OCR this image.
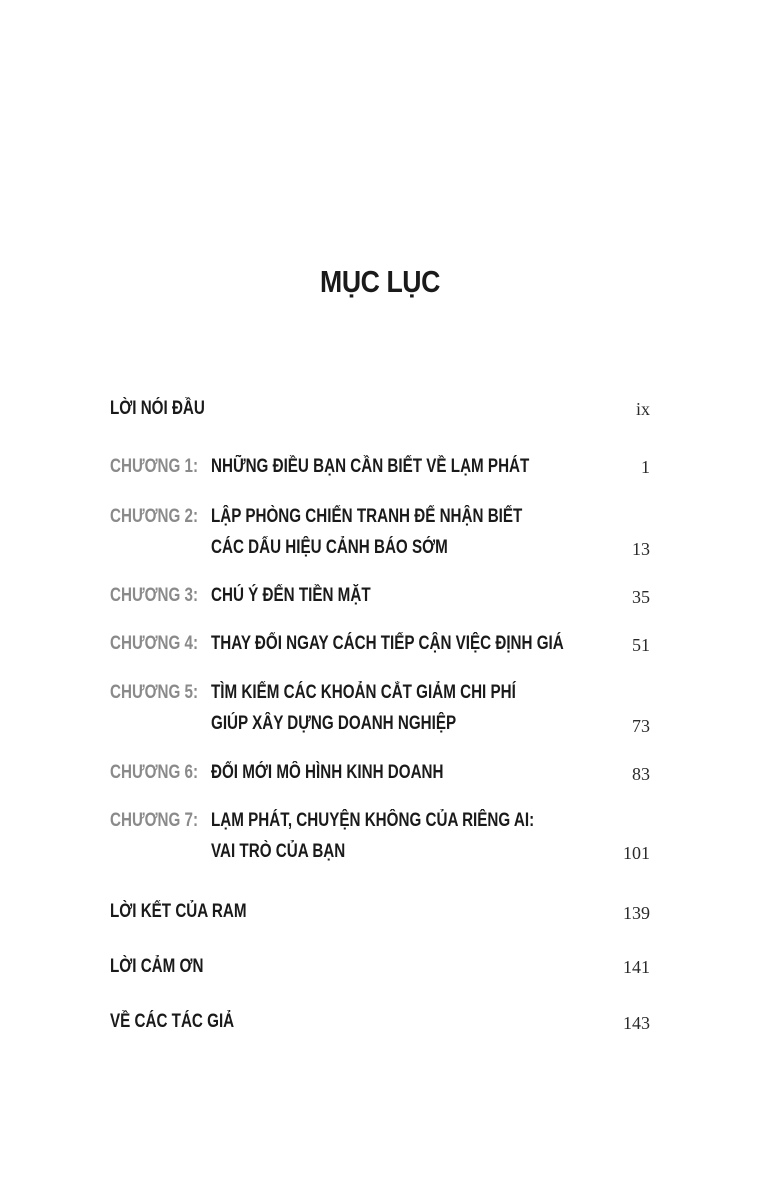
MỤC LỤC
LỜI NÓI ĐẦU	ix
CHƯƠNG 1: NHỮNG ĐIỀU BẠN CẦN BIẾT VỀ LẠM PHÁT	1
CHƯƠNG 2: LẬP PHÒNG CHIẾN TRANH ĐỂ NHẬN BIẾT
CÁC DẤU HIỆU CẢNH BÁO SỚM	13
CHƯƠNG 3: CHÚ Ý ĐẾN TIỀN MẶT	35
CHƯƠNG 4: THAY ĐỔI NGAY CÁCH TIẾP CẬN VIỆC ĐỊNH GIÁ	51
CHƯƠNG 5: TÌM KIẾM CÁC KHOẢN CẮT GIẢM CHI PHÍ
GIÚP XÂY DỰNG DOANH NGHIỆP	73
CHƯƠNG 6: ĐỔI MỚI MÔ HÌNH KINH DOANH	83
CHƯƠNG 7: LẠM PHÁT, CHUYỆN KHÔNG CỦA RIÊNG AI:
VAI TRÒ CỦA BẠN	101
LỜI KẾT CỦA RAM	139
LỜI CẢM ƠN	141
VỀ CÁC TÁC GIẢ	143
